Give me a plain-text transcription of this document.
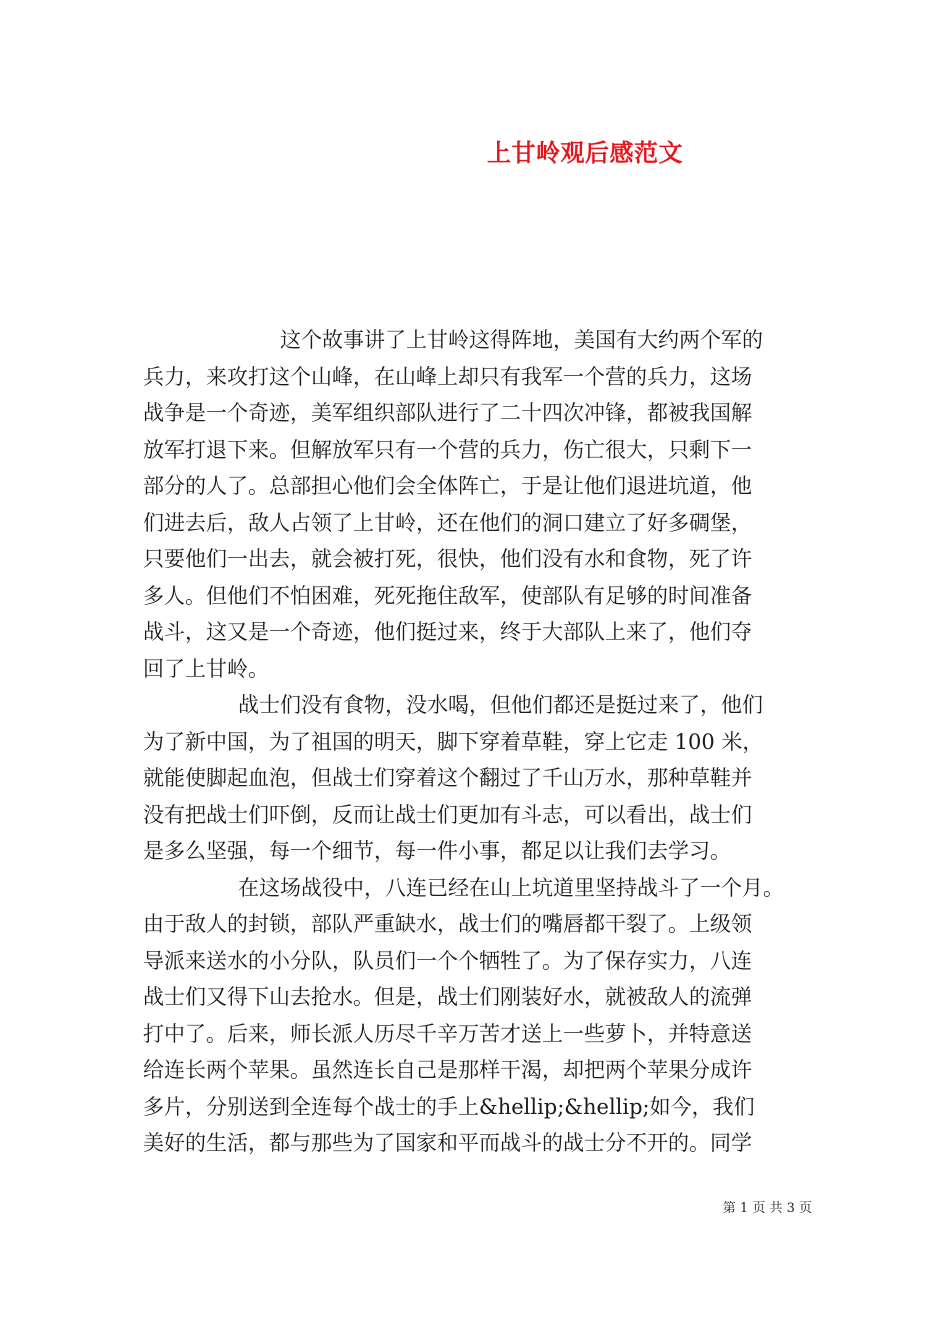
上甘岭观后感范文

这个故事讲了上甘岭这得阵地，美国有大约两个军的
兵力，来攻打这个山峰，在山峰上却只有我军一个营的兵力，这场
战争是一个奇迹，美军组织部队进行了二十四次冲锋，都被我国解
放军打退下来。但解放军只有一个营的兵力，伤亡很大，只剩下一
部分的人了。总部担心他们会全体阵亡，于是让他们退进坑道，他
们进去后，敌人占领了上甘岭，还在他们的洞口建立了好多碉堡，
只要他们一出去，就会被打死，很快，他们没有水和食物，死了许
多人。但他们不怕困难，死死拖住敌军，使部队有足够的时间准备
战斗，这又是一个奇迹，他们挺过来，终于大部队上来了，他们夺
回了上甘岭。

战士们没有食物，没水喝，但他们都还是挺过来了，他们
为了新中国，为了祖国的明天，脚下穿着草鞋，穿上它走 100 米，
就能使脚起血泡，但战士们穿着这个翻过了千山万水，那种草鞋并
没有把战士们吓倒，反而让战士们更加有斗志，可以看出，战士们
是多么坚强，每一个细节，每一件小事，都足以让我们去学习。

在这场战役中，八连已经在山上坑道里坚持战斗了一个月。
由于敌人的封锁，部队严重缺水，战士们的嘴唇都干裂了。上级领
导派来送水的小分队，队员们一个个牺牲了。为了保存实力，八连
战士们又得下山去抢水。但是，战士们刚装好水，就被敌人的流弹
打中了。后来，师长派人历尽千辛万苦才送上一些萝卜，并特意送
给连长两个苹果。虽然连长自己是那样干渴，却把两个苹果分成许
多片，分别送到全连每个战士的手上&hellip;&hellip;如今，我们
美好的生活，都与那些为了国家和平而战斗的战士分不开的。同学

第 1 页 共 3 页
